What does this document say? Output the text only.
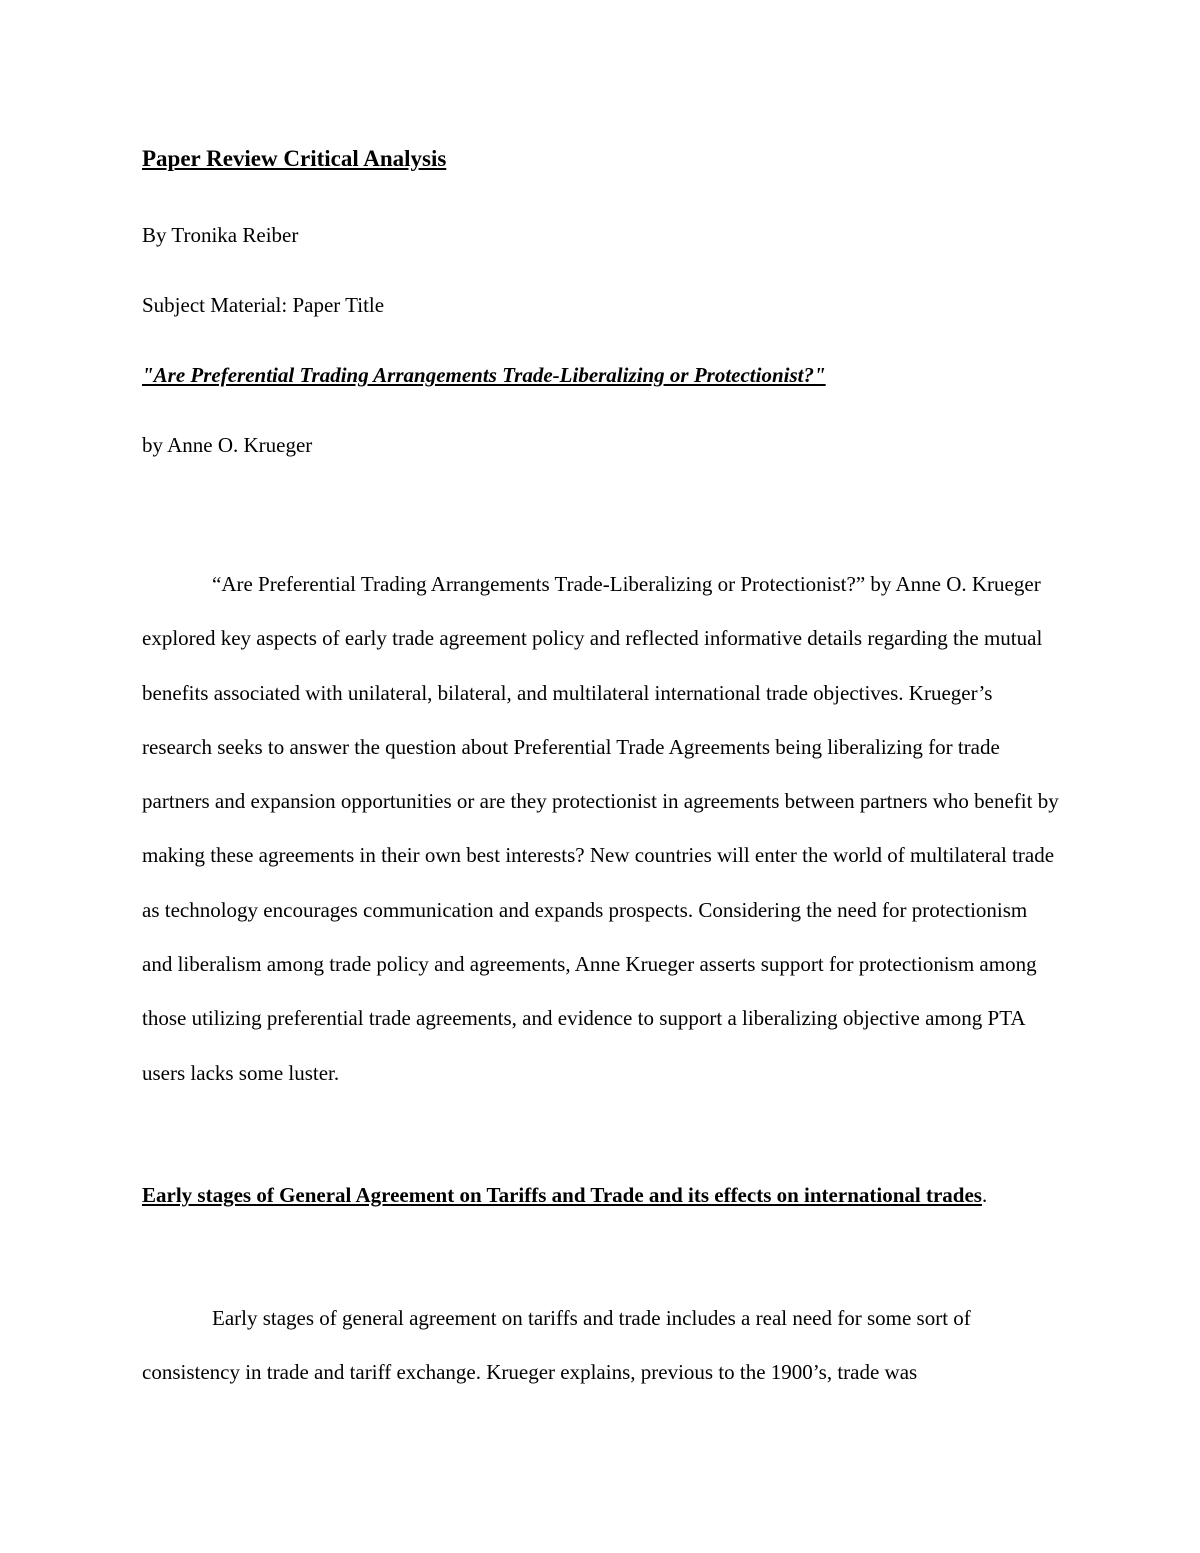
Paper Review Critical Analysis

By Tronika Reiber

Subject Material: Paper Title

"Are Preferential Trading Arrangements Trade-Liberalizing or Protectionist?"

by Anne O. Krueger

“Are Preferential Trading Arrangements Trade-Liberalizing or Protectionist?” by Anne O. Krueger explored key aspects of early trade agreement policy and reflected informative details regarding the mutual benefits associated with unilateral, bilateral, and multilateral international trade objectives. Krueger’s research seeks to answer the question about Preferential Trade Agreements being liberalizing for trade partners and expansion opportunities or are they protectionist in agreements between partners who benefit by making these agreements in their own best interests? New countries will enter the world of multilateral trade as technology encourages communication and expands prospects. Considering the need for protectionism and liberalism among trade policy and agreements, Anne Krueger asserts support for protectionism among those utilizing preferential trade agreements, and evidence to support a liberalizing objective among PTA users lacks some luster.

Early stages of General Agreement on Tariffs and Trade and its effects on international trades.

Early stages of general agreement on tariffs and trade includes a real need for some sort of consistency in trade and tariff exchange. Krueger explains, previous to the 1900’s, trade was
